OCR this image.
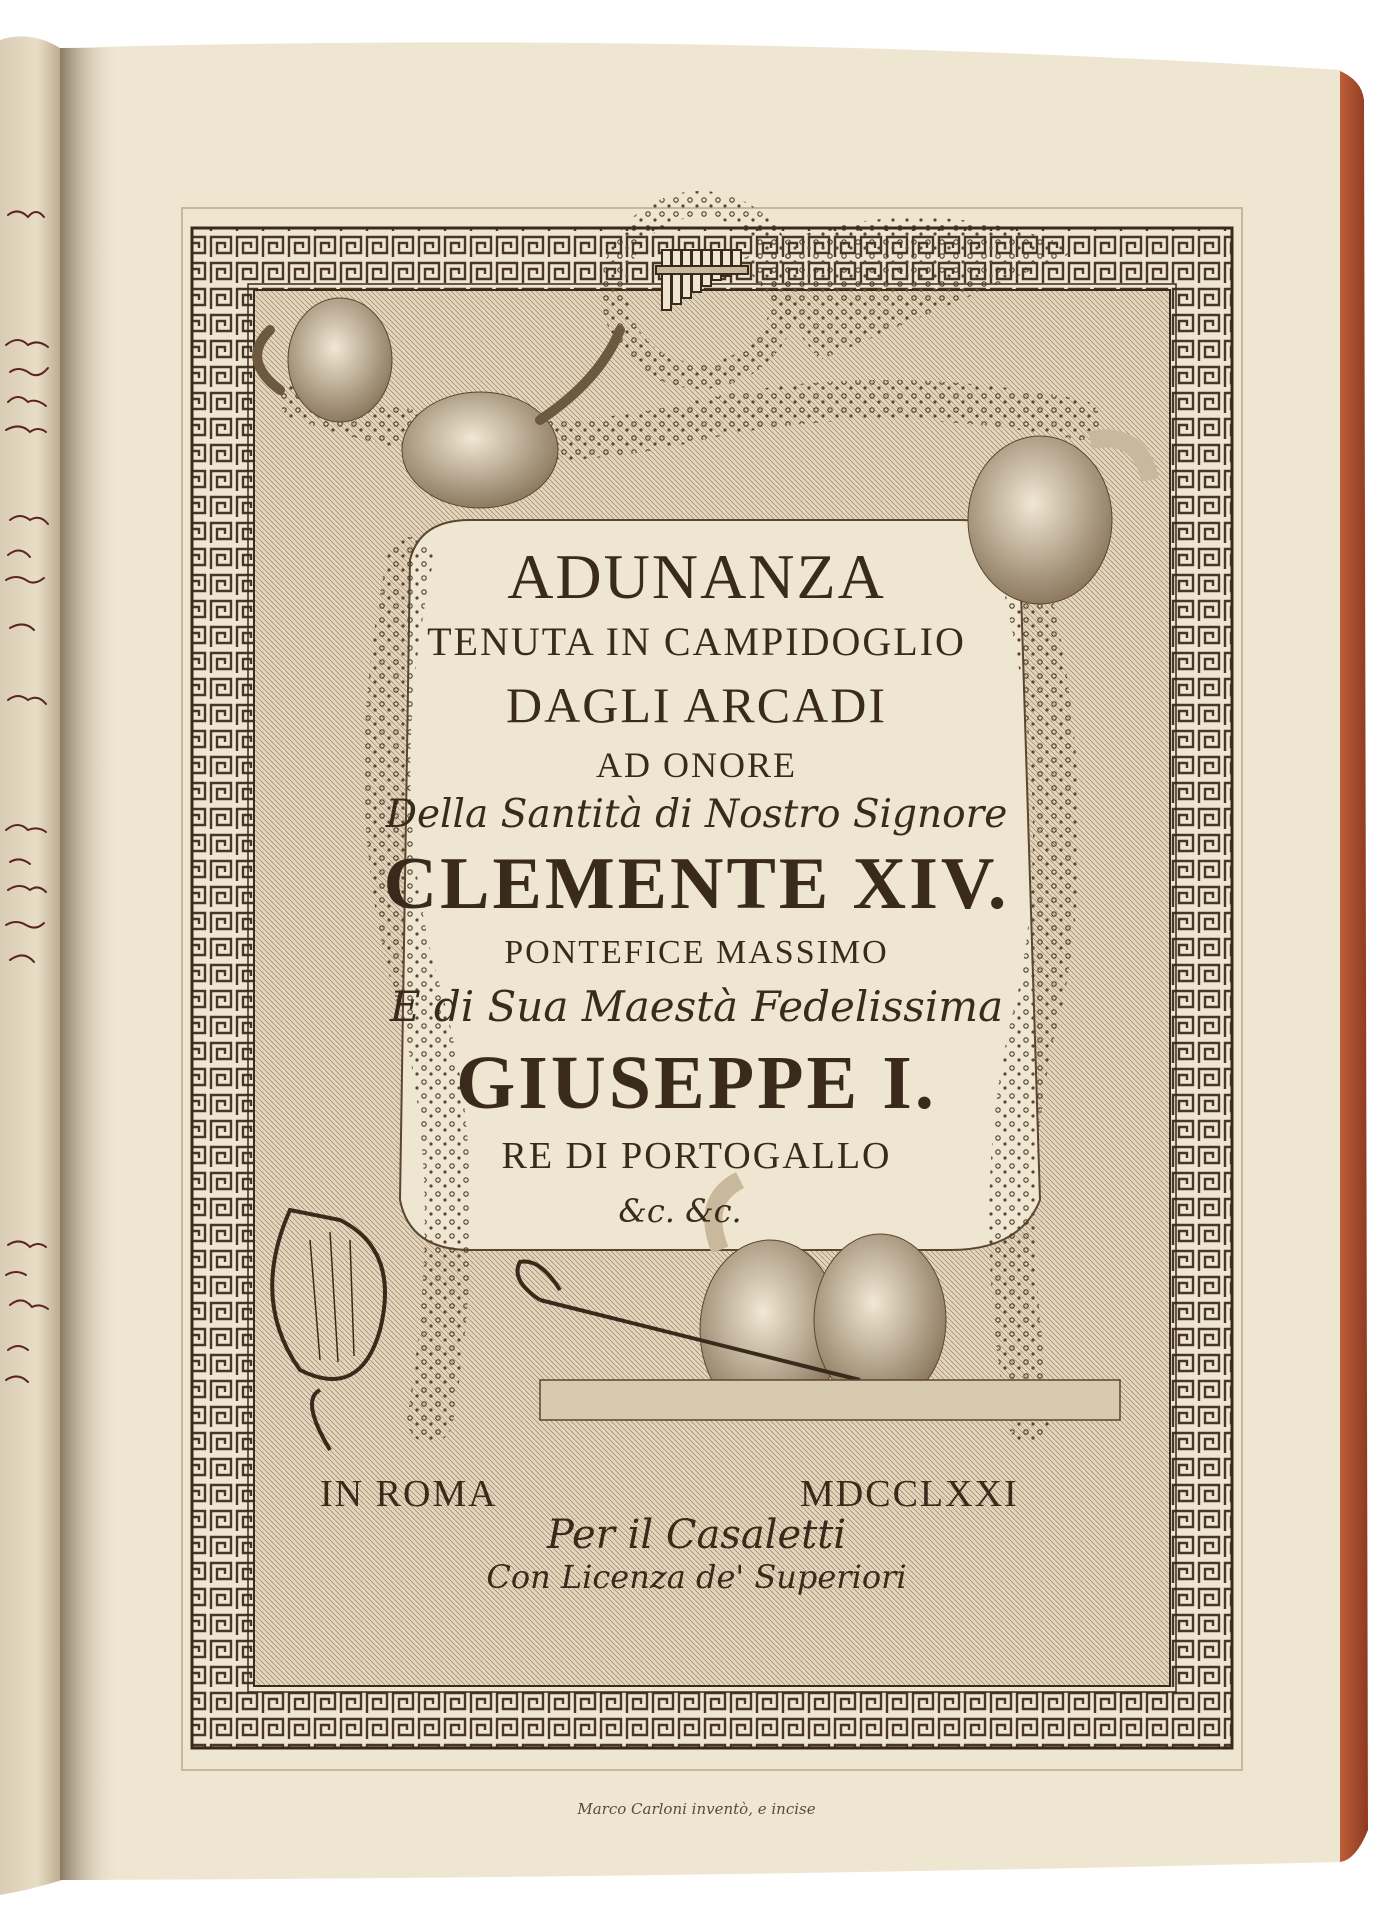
ADUNANZA
TENUTA IN CAMPIDOGLIO
DAGLI ARCADI
AD ONORE
Della Santità di Nostro Signore
CLEMENTE XIV.
PONTEFICE MASSIMO
E di Sua Maestà Fedelissima
GIUSEPPE I.
RE DI PORTOGALLO
&c. &c.
IN ROMA	MDCCLXXI
Per il Casaletti
Con Licenza de' Superiori
Marco Carloni inventò, e incise
